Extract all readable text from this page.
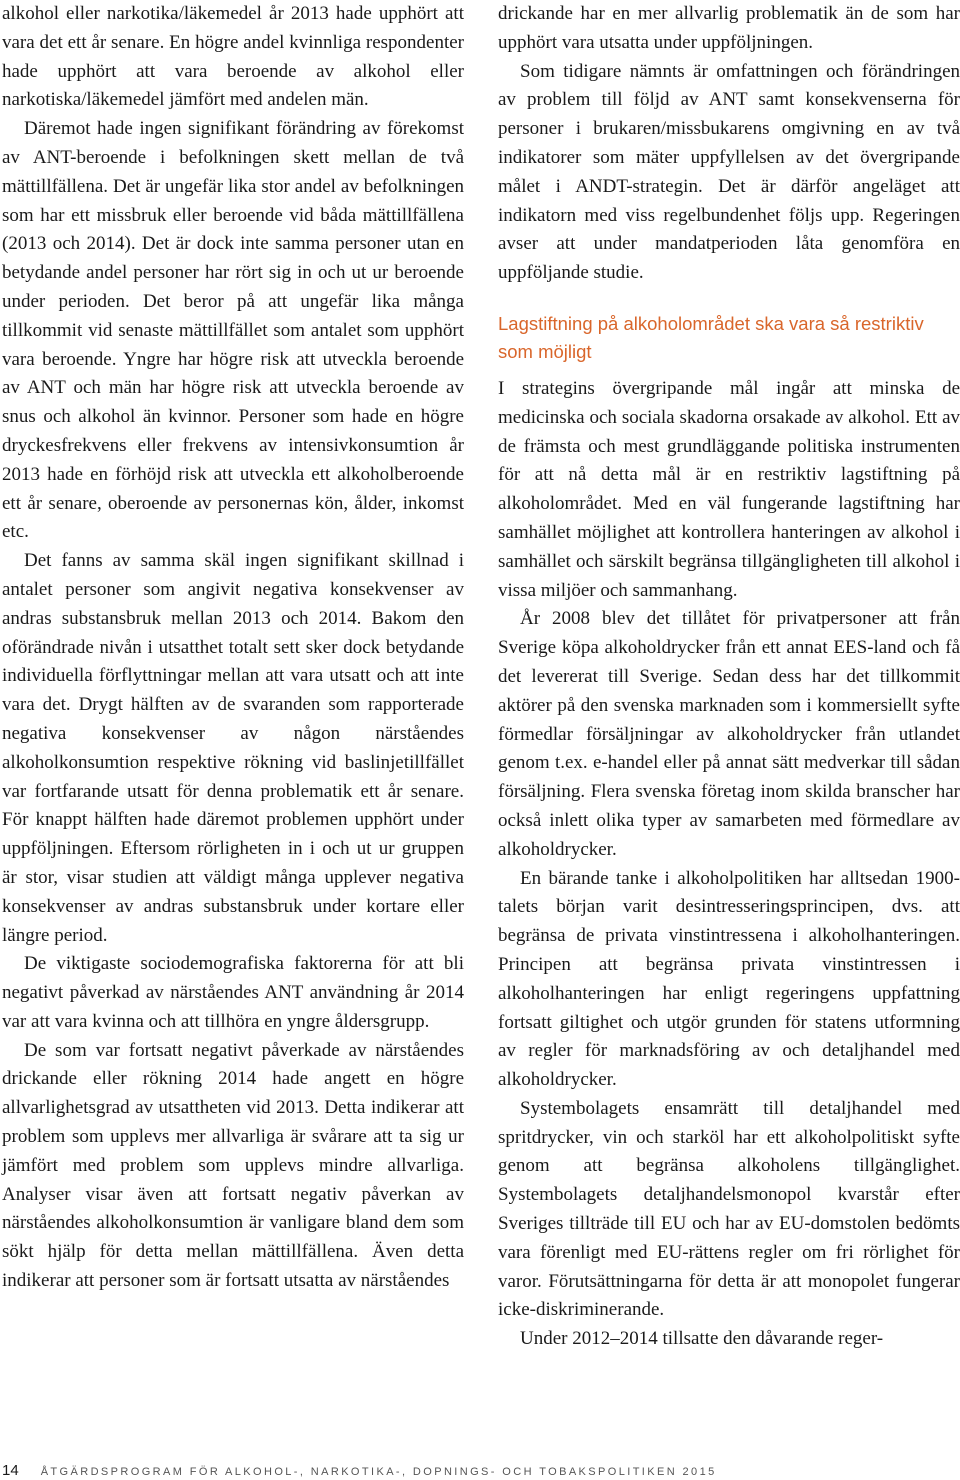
alkohol eller narkotika/läkemedel år 2013 hade upphört att vara det ett år senare. En högre andel kvinnliga respondenter hade upphört att vara beroende av alkohol eller narkotiska/läkemedel jämfört med andelen män.

Däremot hade ingen signifikant förändring av förekomst av ANT-beroende i befolkningen skett mellan de två mättillfällena. Det är ungefär lika stor andel av befolkningen som har ett missbruk eller beroende vid båda mättillfällena (2013 och 2014). Det är dock inte samma personer utan en betydande andel personer har rört sig in och ut ur beroende under perioden. Det beror på att ungefär lika många tillkommit vid senaste mättillfället som antalet som upphört vara beroende. Yngre har högre risk att utveckla beroende av ANT och män har högre risk att utveckla beroende av snus och alkohol än kvinnor. Personer som hade en högre dryckesfrekvens eller frekvens av intensivkonsumtion år 2013 hade en förhöjd risk att utveckla ett alkoholberoende ett år senare, oberoende av personernas kön, ålder, inkomst etc.

Det fanns av samma skäl ingen signifikant skillnad i antalet personer som angivit negativa konsekvenser av andras substansbruk mellan 2013 och 2014. Bakom den oförändrade nivån i utsatthet totalt sett sker dock betydande individuella förflyttningar mellan att vara utsatt och att inte vara det. Drygt hälften av de svaranden som rapporterade negativa konsekvenser av någon närståendes alkoholkonsumtion respektive rökning vid baslinjetillfället var fortfarande utsatt för denna problematik ett år senare. För knappt hälften hade däremot problemen upphört under uppföljningen. Eftersom rörligheten in i och ut ur gruppen är stor, visar studien att väldigt många upplever negativa konsekvenser av andras substansbruk under kortare eller längre period.

De viktigaste sociodemografiska faktorerna för att bli negativt påverkad av närståendes ANT användning år 2014 var att vara kvinna och att tillhöra en yngre åldersgrupp.

De som var fortsatt negativt påverkade av närståendes drickande eller rökning 2014 hade angett en högre allvarlighetsgrad av utsattheten vid 2013. Detta indikerar att problem som upplevs mer allvarliga är svårare att ta sig ur jämfört med problem som upplevs mindre allvarliga. Analyser visar även att fortsatt negativ påverkan av närståendes alkoholkonsumtion är vanligare bland dem som sökt hjälp för detta mellan mättillfällena. Även detta indikerar att personer som är fortsatt utsatta av närståendes

drickande har en mer allvarlig problematik än de som har upphört vara utsatta under uppföljningen.

Som tidigare nämnts är omfattningen och förändringen av problem till följd av ANT samt konsekvenserna för personer i brukaren/missbukarens omgivning en av två indikatorer som mäter uppfyllelsen av det övergripande målet i ANDT-strategin. Det är därför angeläget att indikatorn med viss regelbundenhet följs upp. Regeringen avser att under mandatperioden låta genomföra en uppföljande studie.

Lagstiftning på alkoholområdet ska vara så restriktiv som möjligt

I strategins övergripande mål ingår att minska de medicinska och sociala skadorna orsakade av alkohol. Ett av de främsta och mest grundläggande politiska instrumenten för att nå detta mål är en restriktiv lagstiftning på alkoholområdet. Med en väl fungerande lagstiftning har samhället möjlighet att kontrollera hanteringen av alkohol i samhället och särskilt begränsa tillgängligheten till alkohol i vissa miljöer och sammanhang.

År 2008 blev det tillåtet för privatpersoner att från Sverige köpa alkoholdrycker från ett annat EES-land och få det levererat till Sverige. Sedan dess har det tillkommit aktörer på den svenska marknaden som i kommersiellt syfte förmedlar försäljningar av alkoholdrycker från utlandet genom t.ex. e-handel eller på annat sätt medverkar till sådan försäljning. Flera svenska företag inom skilda branscher har också inlett olika typer av samarbeten med förmedlare av alkoholdrycker.

En bärande tanke i alkoholpolitiken har alltsedan 1900-talets början varit desintresseringsprincipen, dvs. att begränsa de privata vinstintressena i alkoholhanteringen. Principen att begränsa privata vinstintressen i alkoholhanteringen har enligt regeringens uppfattning fortsatt giltighet och utgör grunden för statens utformning av regler för marknadsföring av och detaljhandel med alkoholdrycker.

Systembolagets ensamrätt till detaljhandel med spritdrycker, vin och starköl har ett alkoholpolitiskt syfte genom att begränsa alkoholens tillgänglighet. Systembolagets detaljhandelsmonopol kvarstår efter Sveriges tillträde till EU och har av EU-domstolen bedömts vara förenligt med EU-rättens regler om fri rörlighet för varor. Förutsättningarna för detta är att monopolet fungerar icke-diskriminerande.

Under 2012–2014 tillsatte den dåvarande reger-

14 ÅTGÄRDSPROGRAM FÖR ALKOHOL-, NARKOTIKA-, DOPNINGS- OCH TOBAKSPOLITIKEN 2015
